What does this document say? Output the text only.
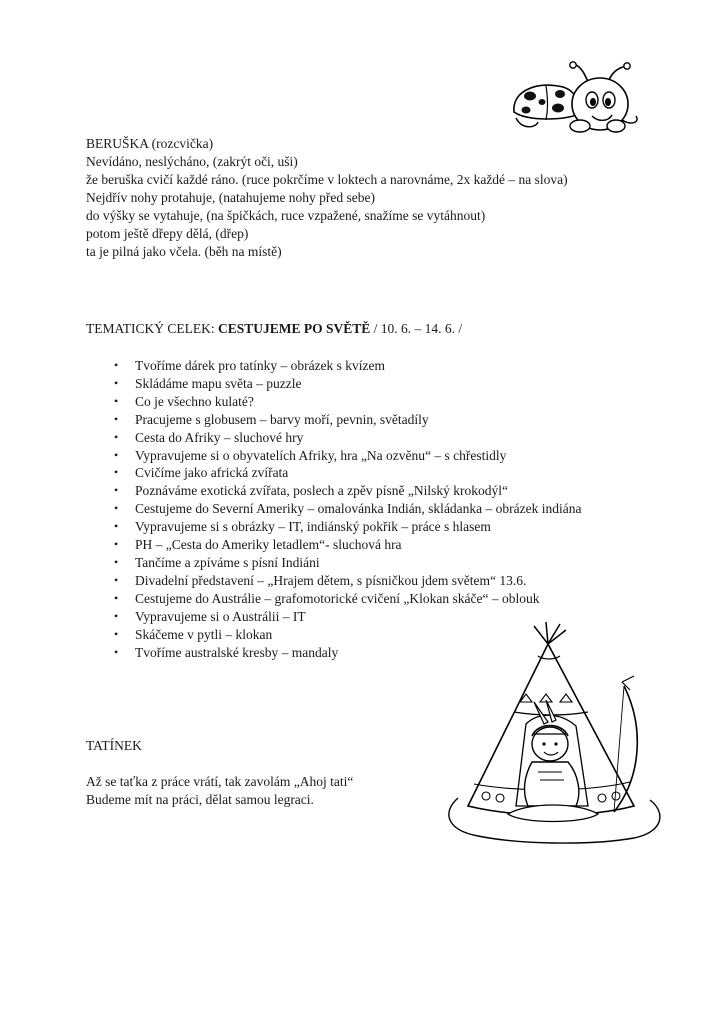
BERUŠKA (rozcvička)
Nevídáno, neslýcháno, (zakrýt oči, uši)
že beruška cvičí každé ráno. (ruce pokrčíme v loktech a narovnáme, 2x každé – na slova)
Nejdřív nohy protahuje, (natahujeme nohy před sebe)
do výšky se vytahuje, (na špičkách, ruce vzpažené, snažíme se vytáhnout)
potom ještě dřepy dělá, (dřep)
ta je pilná jako včela. (běh na místě)
TEMATICKÝ CELEK: CESTUJEME PO SVĚTĚ / 10. 6. – 14. 6. /
• Tvoříme dárek pro tatínky – obrázek s kvízem
• Skládáme mapu světa – puzzle
• Co je všechno kulaté?
• Pracujeme s globusem – barvy moří, pevnin, světadíly
• Cesta do Afriky – sluchové hry
• Vypravujeme si o obyvatelích Afriky, hra „Na ozvěnu“ – s chřestidly
• Cvičíme jako africká zvířata
• Poznáváme exotická zvířata, poslech a zpěv písně „Nilský krokodýl“
• Cestujeme do Severní Ameriky – omalovánka Indián, skládanka – obrázek indiána
• Vypravujeme si s obrázky – IT, indiánský pokřik – práce s hlasem
• PH – „Cesta do Ameriky letadlem“- sluchová hra
• Tančíme a zpíváme s písní Indiáni
• Divadelní představení – „Hrajem dětem, s písničkou jdem světem“ 13.6.
• Cestujeme do Austrálie – grafomotorické cvičení „Klokan skáče“ – oblouk
• Vypravujeme si o Austrálii – IT
• Skáčeme v pytli – klokan
• Tvoříme australské kresby – mandaly
TATÍNEK
Až se taťka z práce vrátí, tak zavolám „Ahoj tati“
Budeme mít na práci, dělat samou legraci.
